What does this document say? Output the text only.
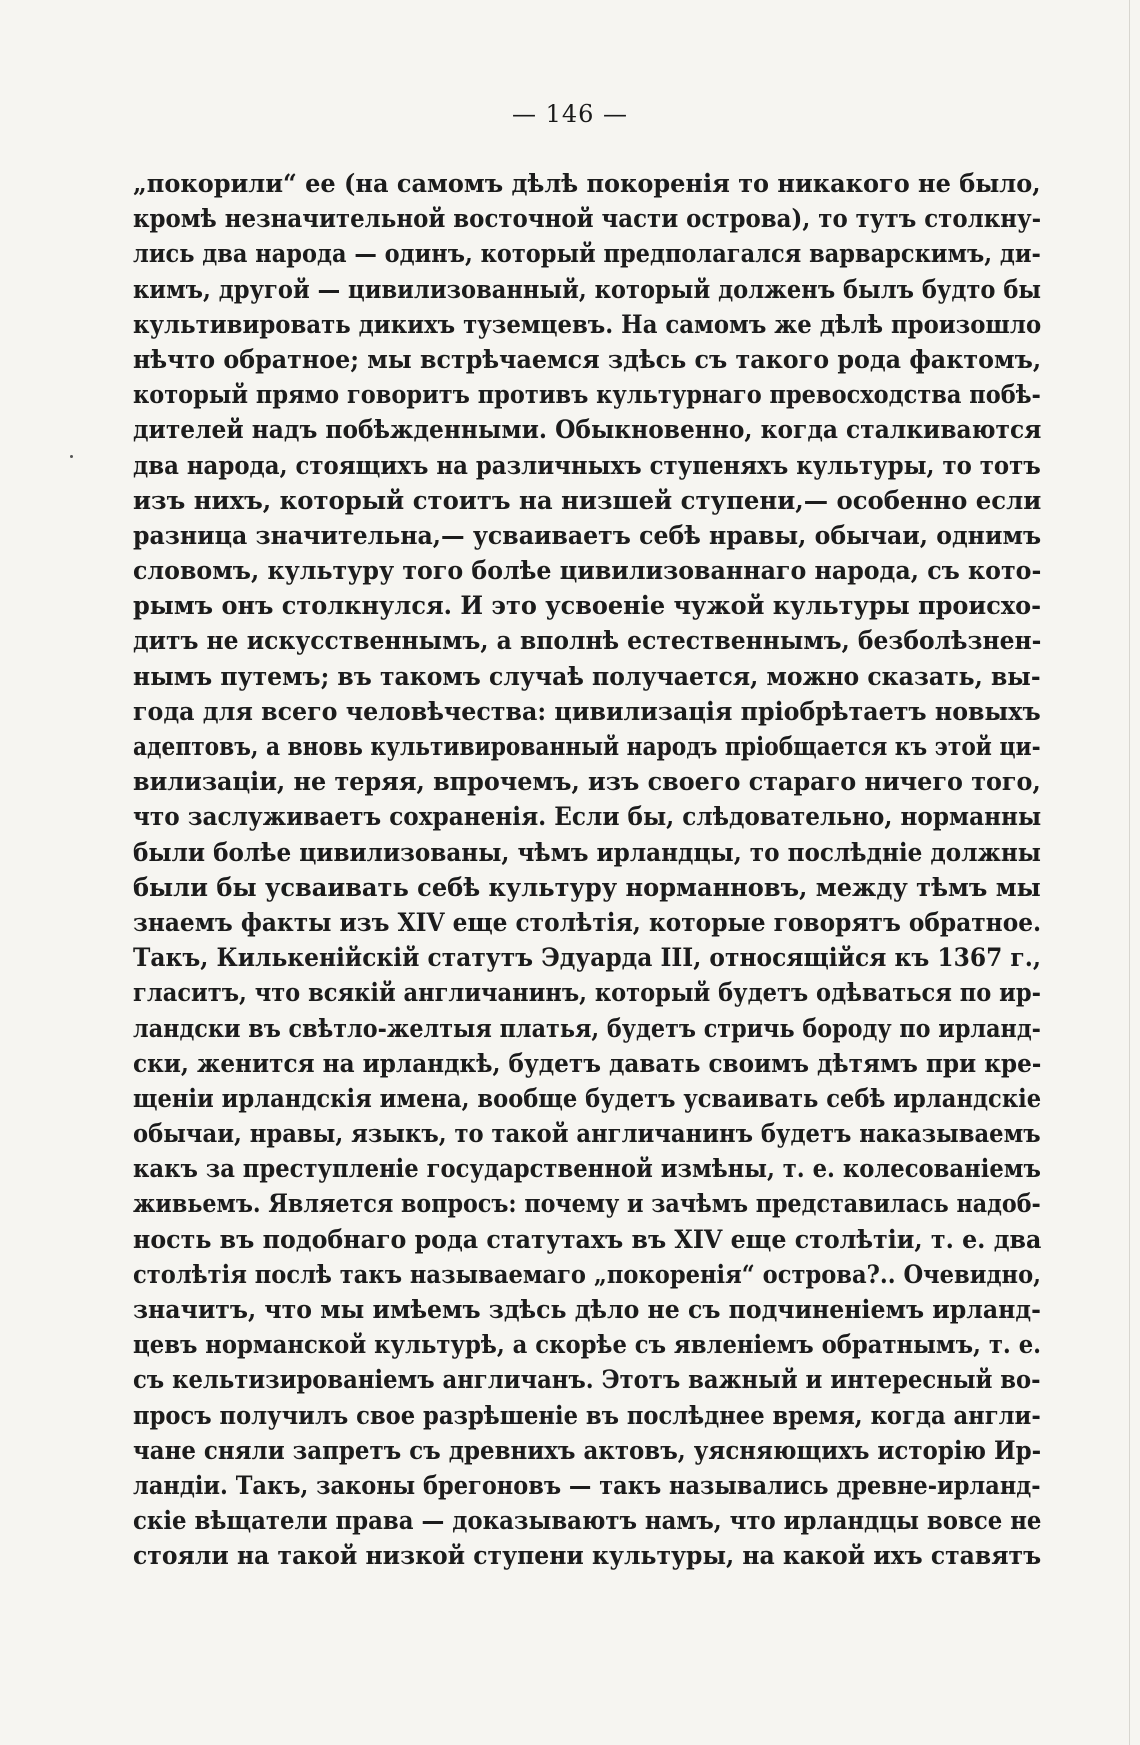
— 146 —
„покорили“ ее (на самомъ дѣлѣ покоренія то никакого не было,
кромѣ незначительной восточной части острова), то тутъ столкну-
лись два народа — одинъ, который предполагался варварскимъ, ди-
кимъ, другой — цивилизованный, который долженъ былъ будто бы
культивировать дикихъ туземцевъ. На самомъ же дѣлѣ произошло
нѣчто обратное; мы встрѣчаемся здѣсь съ такого рода фактомъ,
который прямо говоритъ противъ культурнаго превосходства побѣ-
дителей надъ побѣжденными. Обыкновенно, когда сталкиваются
два народа, стоящихъ на различныхъ ступеняхъ культуры, то тотъ
изъ нихъ, который стоитъ на низшей ступени,— особенно если
разница значительна,— усваиваетъ себѣ нравы, обычаи, однимъ
словомъ, культуру того болѣе цивилизованнаго народа, съ кото-
рымъ онъ столкнулся. И это усвоеніе чужой культуры происхо-
дитъ не искусственнымъ, а вполнѣ естественнымъ, безболѣзнен-
нымъ путемъ; въ такомъ случаѣ получается, можно сказать, вы-
года для всего человѣчества: цивилизація пріобрѣтаетъ новыхъ
адептовъ, а вновь культивированный народъ пріобщается къ этой ци-
вилизаціи, не теряя, впрочемъ, изъ своего стараго ничего того,
что заслуживаетъ сохраненія. Если бы, слѣдовательно, норманны
были болѣе цивилизованы, чѣмъ ирландцы, то послѣдніе должны
были бы усваивать себѣ культуру норманновъ, между тѣмъ мы
знаемъ факты изъ XIV еще столѣтія, которые говорятъ обратное.
Такъ, Килькенійскій статутъ Эдуарда III, относящійся къ 1367 г.,
гласитъ, что всякій англичанинъ, который будетъ одѣваться по ир-
ландски въ свѣтло-желтыя платья, будетъ стричь бороду по ирланд-
ски, женится на ирландкѣ, будетъ давать своимъ дѣтямъ при кре-
щеніи ирландскія имена, вообще будетъ усваивать себѣ ирландскіе
обычаи, нравы, языкъ, то такой англичанинъ будетъ наказываемъ
какъ за преступленіе государственной измѣны, т. е. колесованіемъ
живьемъ. Является вопросъ: почему и зачѣмъ представилась надоб-
ность въ подобнаго рода статутахъ въ XIV еще столѣтіи, т. е. два
столѣтія послѣ такъ называемаго „покоренія“ острова?.. Очевидно,
значитъ, что мы имѣемъ здѣсь дѣло не съ подчиненіемъ ирланд-
цевъ норманской культурѣ, а скорѣе съ явленіемъ обратнымъ, т. е.
съ кельтизированіемъ англичанъ. Этотъ важный и интересный во-
просъ получилъ свое разрѣшеніе въ послѣднее время, когда англи-
чане сняли запретъ съ древнихъ актовъ, уясняющихъ исторію Ир-
ландіи. Такъ, законы брегоновъ — такъ назывались древне-ирланд-
скіе вѣщатели права — доказываютъ намъ, что ирландцы вовсе не
стояли на такой низкой ступени культуры, на какой ихъ ставятъ
